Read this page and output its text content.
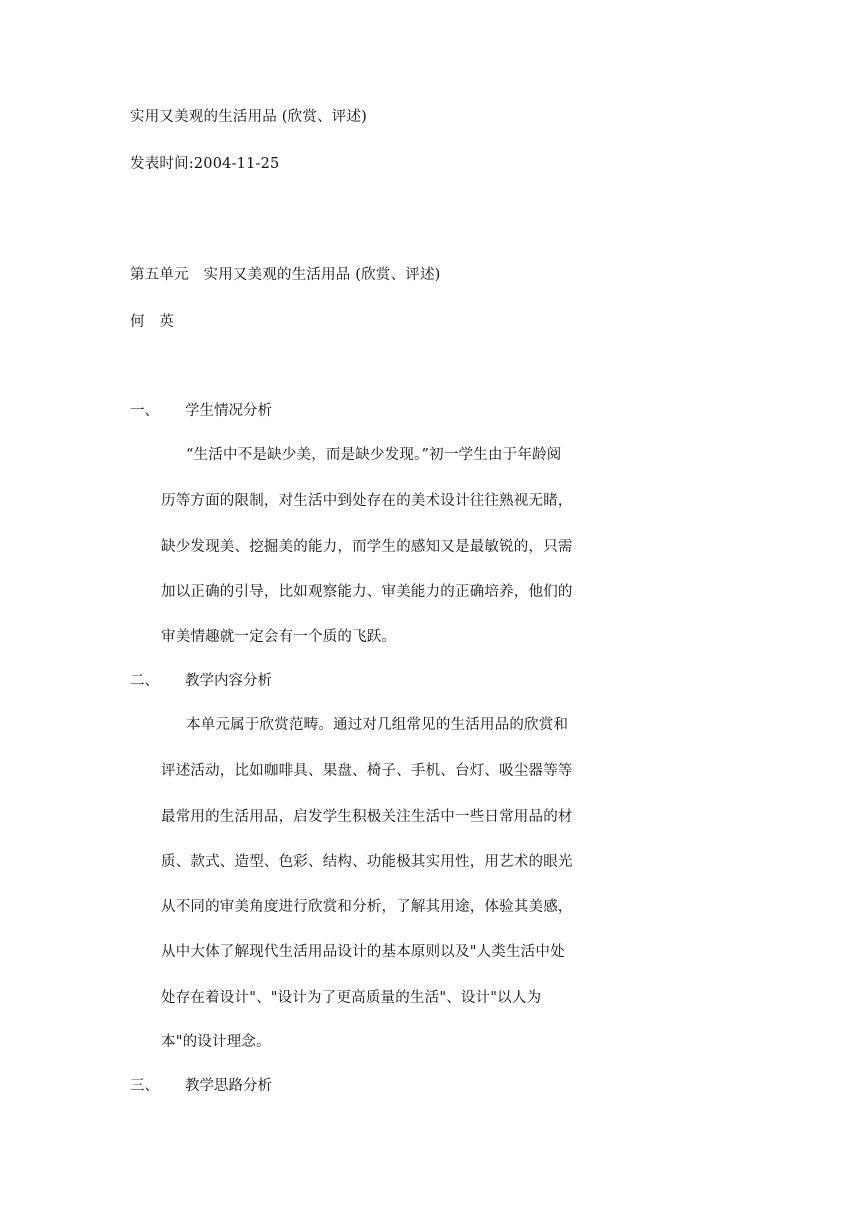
实用又美观的生活用品 (欣赏、评述)
发表时间:2004-11-25
第五单元　实用又美观的生活用品 (欣赏、评述)
何　英
一、 学生情况分析
“生活中不是缺少美，而是缺少发现。”初一学生由于年龄阅
历等方面的限制，对生活中到处存在的美术设计往往熟视无睹，
缺少发现美、挖掘美的能力，而学生的感知又是最敏锐的，只需
加以正确的引导，比如观察能力、审美能力的正确培养，他们的
审美情趣就一定会有一个质的飞跃。
二、 教学内容分析
本单元属于欣赏范畴。通过对几组常见的生活用品的欣赏和
评述活动，比如咖啡具、果盘、椅子、手机、台灯、吸尘器等等
最常用的生活用品，启发学生积极关注生活中一些日常用品的材
质、款式、造型、色彩、结构、功能极其实用性，用艺术的眼光
从不同的审美角度进行欣赏和分析，了解其用途，体验其美感，
从中大体了解现代生活用品设计的基本原则以及"人类生活中处
处存在着设计"、"设计为了更高质量的生活"、设计"以人为
本"的设计理念。
三、 教学思路分析
